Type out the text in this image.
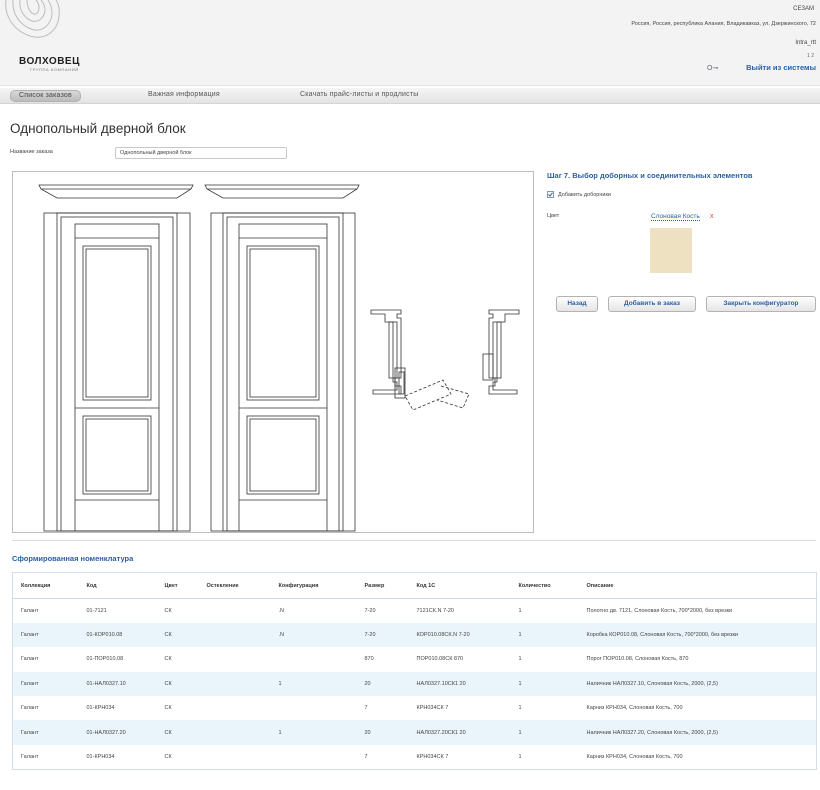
ВОЛХОВЕЦ
ГРУППА КОМПАНИЙ
СЕЗАМ
Россия, Россия, республика Алания, Владикавказ, ул. Дзержинского, 72
Intra_rtt
1 2
O⊸	Выйти из системы
Список заказов	Важная информация	Скачать прайс-листы и продлисты
Однопольный дверной блок
Название заказа
Однопольный дверной блок
Шаг 7. Выбор доборных и соединительных элементов
Добавить доборники
Цвет	Слоновая Кость x
Назад	Добавить в заказ	Закрыть конфигуратор
Сформированная номенклатура
Коллекция	Код	Цвет	Остекление	Конфигурация	Размер	Код 1С	Количество	Описание
Галант	01-7121	СК		.N	7-20	7121СК.N 7-20	1	Полотно дв. 7121, Слоновая Кость, 700*2000, без врезки
Галант	01-КОР010.08	СК		.N	7-20	КОР010.08СК.N 7-20	1	Коробка КОР010.08, Слоновая Кость, 700*2000, без врезки
Галант	01-ПОР010.08	СК			870	ПОР010.08СК 870	1	Порог ПОР010.08, Слоновая Кость, 870
Галант	01-НАЛ0327.10	СК		1	20	НАЛ0327.10СК1 20	1	Наличник НАЛ0327.10, Слоновая Кость, 2000, (2,5)
Галант	01-КРН034	СК			7	КРН034СК 7	1	Карниз КРН034, Слоновая Кость, 700
Галант	01-НАЛ0327.20	СК		1	20	НАЛ0327.20СК1 20	1	Наличник НАЛ0327.20, Слоновая Кость, 2000, (2,5)
Галант	01-КРН034	СК			7	КРН034СК 7	1	Карниз КРН034, Слоновая Кость, 700
